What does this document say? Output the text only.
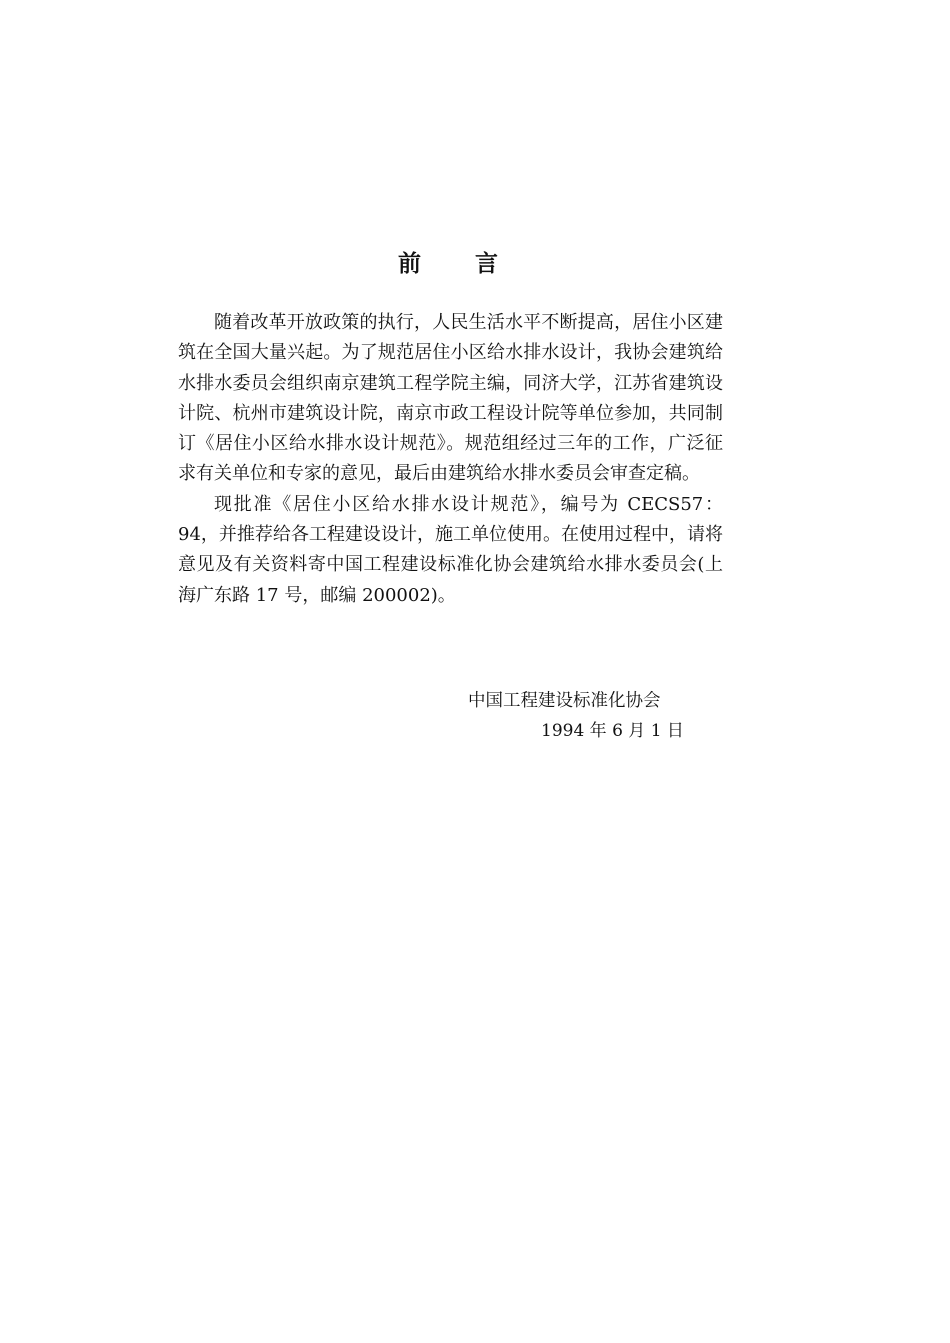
前 言

随着改革开放政策的执行，人民生活水平不断提高，居住小区建筑在全国大量兴起。为了规范居住小区给水排水设计，我协会建筑给水排水委员会组织南京建筑工程学院主编，同济大学，江苏省建筑设计院、杭州市建筑设计院，南京市政工程设计院等单位参加，共同制订《居住小区给水排水设计规范》。规范组经过三年的工作，广泛征求有关单位和专家的意见，最后由建筑给水排水委员会审查定稿。

现批准《居住小区给水排水设计规范》，编号为 CECS57：94，并推荐给各工程建设设计，施工单位使用。在使用过程中，请将意见及有关资料寄中国工程建设标准化协会建筑给水排水委员会(上海广东路 17 号，邮编 200002)。

中国工程建设标准化协会
1994 年 6 月 1 日
